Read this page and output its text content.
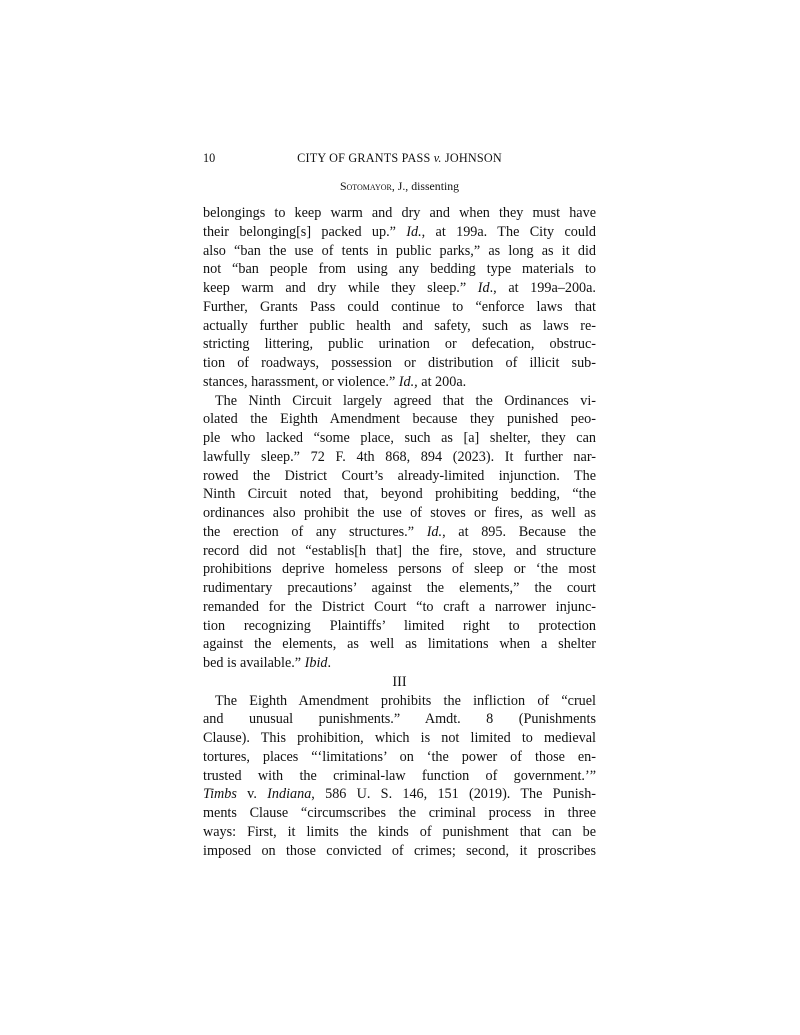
10	CITY OF GRANTS PASS v. JOHNSON
Sotomayor, J., dissenting
belongings to keep warm and dry and when they must have
their belonging[s] packed up.” Id., at 199a. The City could
also “ban the use of tents in public parks,” as long as it did
not “ban people from using any bedding type materials to
keep warm and dry while they sleep.” Id., at 199a–200a.
Further, Grants Pass could continue to “enforce laws that
actually further public health and safety, such as laws re-
stricting littering, public urination or defecation, obstruc-
tion of roadways, possession or distribution of illicit sub-
stances, harassment, or violence.” Id., at 200a.
The Ninth Circuit largely agreed that the Ordinances vi-
olated the Eighth Amendment because they punished peo-
ple who lacked “some place, such as [a] shelter, they can
lawfully sleep.” 72 F. 4th 868, 894 (2023). It further nar-
rowed the District Court’s already-limited injunction. The
Ninth Circuit noted that, beyond prohibiting bedding, “the
ordinances also prohibit the use of stoves or fires, as well as
the erection of any structures.” Id., at 895. Because the
record did not “establis[h that] the fire, stove, and structure
prohibitions deprive homeless persons of sleep or ‘the most
rudimentary precautions’ against the elements,” the court
remanded for the District Court “to craft a narrower injunc-
tion recognizing Plaintiffs’ limited right to protection
against the elements, as well as limitations when a shelter
bed is available.” Ibid.
III
The Eighth Amendment prohibits the infliction of “cruel
and unusual punishments.” Amdt. 8 (Punishments
Clause). This prohibition, which is not limited to medieval
tortures, places “‘limitations’ on ‘the power of those en-
trusted with the criminal-law function of government.’”
Timbs v. Indiana, 586 U. S. 146, 151 (2019). The Punish-
ments Clause “circumscribes the criminal process in three
ways: First, it limits the kinds of punishment that can be
imposed on those convicted of crimes; second, it proscribes
